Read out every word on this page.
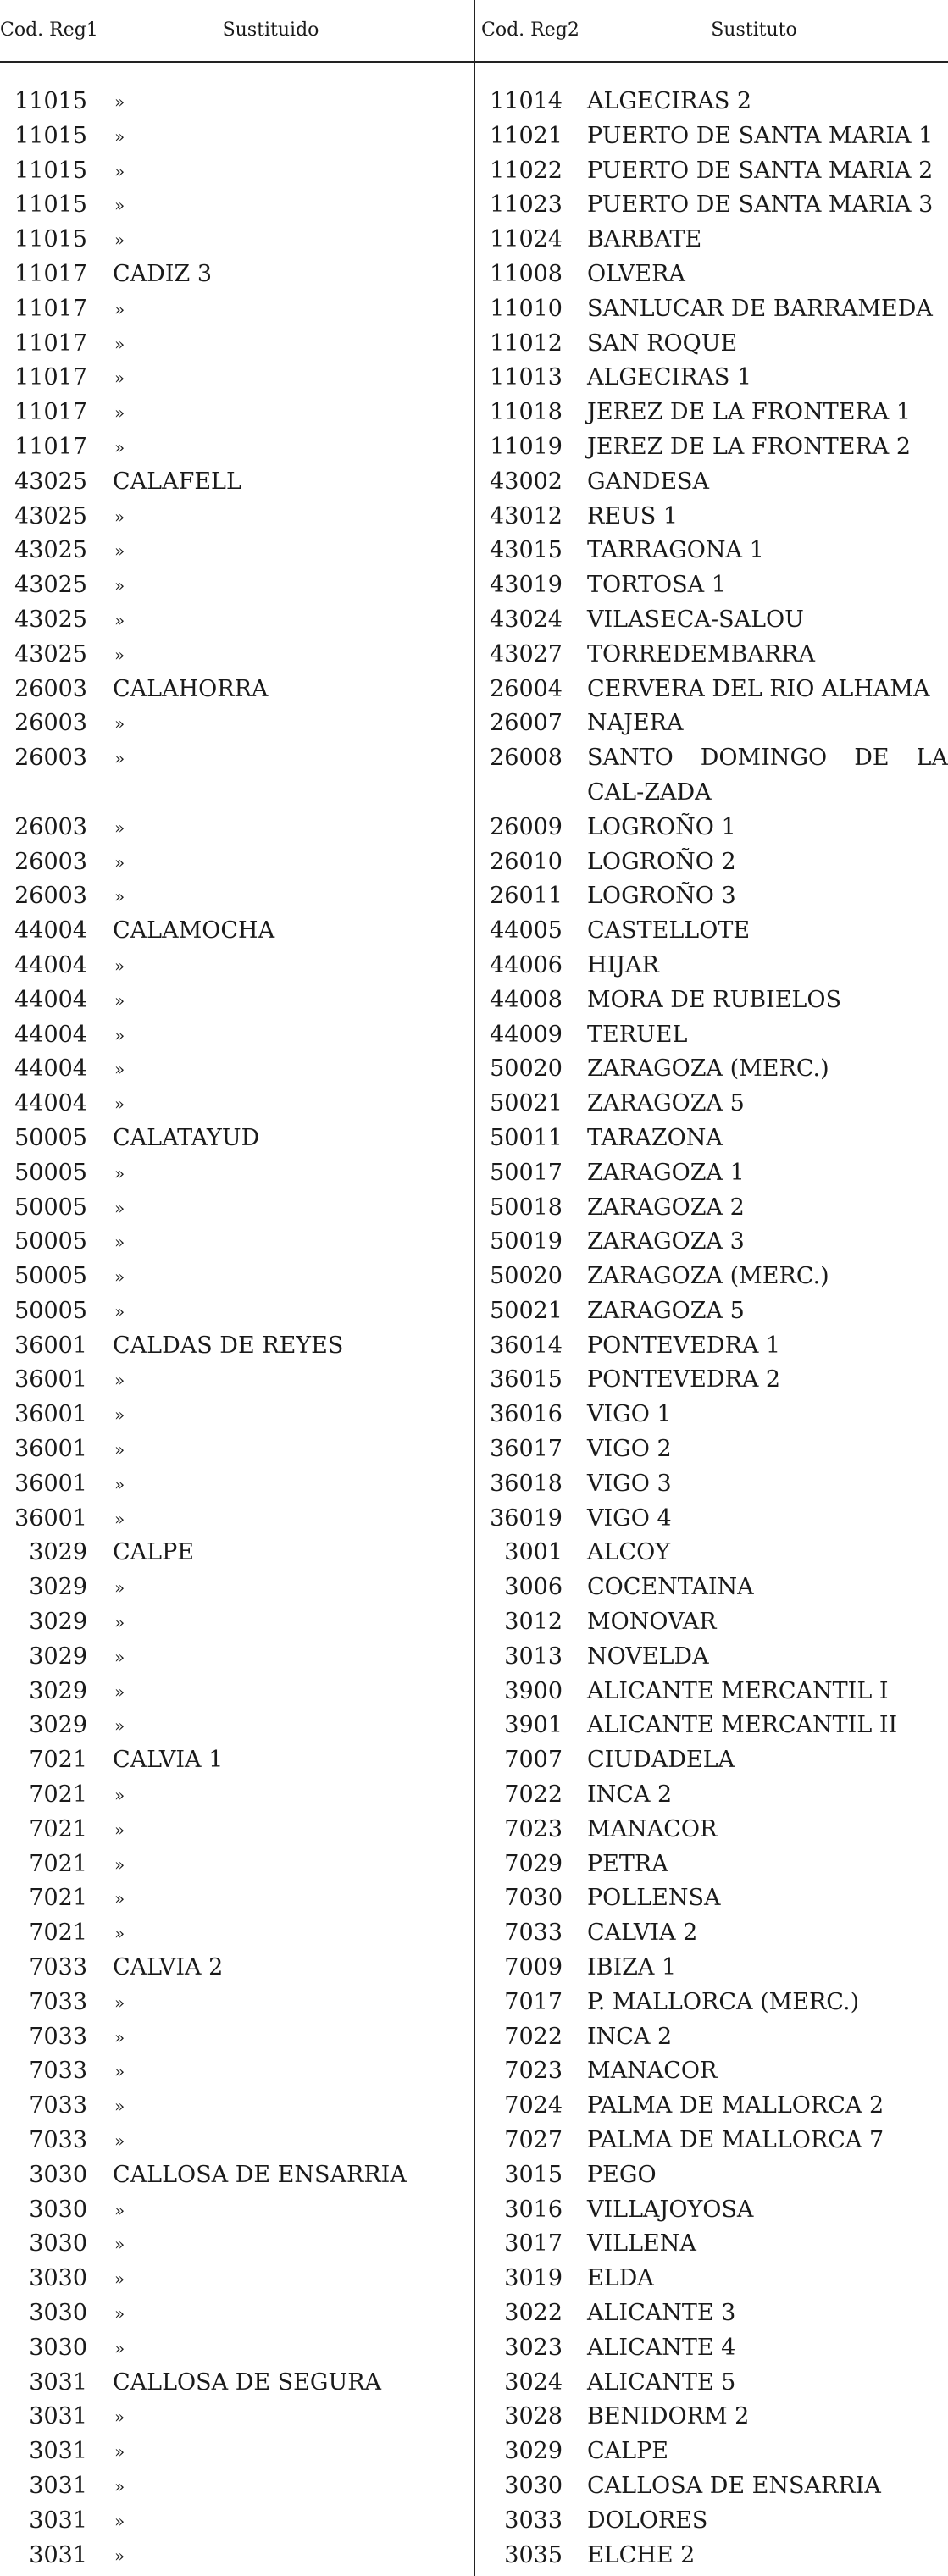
Cod. Reg1	Sustituido	Cod. Reg2	Sustituto
11015 »	11014 ALGECIRAS 2
11015 »	11021 PUERTO DE SANTA MARIA 1
11015 »	11022 PUERTO DE SANTA MARIA 2
11015 »	11023 PUERTO DE SANTA MARIA 3
11015 »	11024 BARBATE
11017 CADIZ 3	11008 OLVERA
11017 »	11010 SANLUCAR DE BARRAMEDA
11017 »	11012 SAN ROQUE
11017 »	11013 ALGECIRAS 1
11017 »	11018 JEREZ DE LA FRONTERA 1
11017 »	11019 JEREZ DE LA FRONTERA 2
43025 CALAFELL	43002 GANDESA
43025 »	43012 REUS 1
43025 »	43015 TARRAGONA 1
43025 »	43019 TORTOSA 1
43025 »	43024 VILASECA-SALOU
43025 »	43027 TORREDEMBARRA
26003 CALAHORRA	26004 CERVERA DEL RIO ALHAMA
26003 »	26007 NAJERA
26003 »	26008 SANTO DOMINGO DE LA CAL-ZADA
26003 »	26009 LOGROÑO 1
26003 »	26010 LOGROÑO 2
26003 »	26011 LOGROÑO 3
44004 CALAMOCHA	44005 CASTELLOTE
44004 »	44006 HIJAR
44004 »	44008 MORA DE RUBIELOS
44004 »	44009 TERUEL
44004 »	50020 ZARAGOZA (MERC.)
44004 »	50021 ZARAGOZA 5
50005 CALATAYUD	50011 TARAZONA
50005 »	50017 ZARAGOZA 1
50005 »	50018 ZARAGOZA 2
50005 »	50019 ZARAGOZA 3
50005 »	50020 ZARAGOZA (MERC.)
50005 »	50021 ZARAGOZA 5
36001 CALDAS DE REYES	36014 PONTEVEDRA 1
36001 »	36015 PONTEVEDRA 2
36001 »	36016 VIGO 1
36001 »	36017 VIGO 2
36001 »	36018 VIGO 3
36001 »	36019 VIGO 4
3029 CALPE	3001 ALCOY
3029 »	3006 COCENTAINA
3029 »	3012 MONOVAR
3029 »	3013 NOVELDA
3029 »	3900 ALICANTE MERCANTIL I
3029 »	3901 ALICANTE MERCANTIL II
7021 CALVIA 1	7007 CIUDADELA
7021 »	7022 INCA 2
7021 »	7023 MANACOR
7021 »	7029 PETRA
7021 »	7030 POLLENSA
7021 »	7033 CALVIA 2
7033 CALVIA 2	7009 IBIZA 1
7033 »	7017 P. MALLORCA (MERC.)
7033 »	7022 INCA 2
7033 »	7023 MANACOR
7033 »	7024 PALMA DE MALLORCA 2
7033 »	7027 PALMA DE MALLORCA 7
3030 CALLOSA DE ENSARRIA	3015 PEGO
3030 »	3016 VILLAJOYOSA
3030 »	3017 VILLENA
3030 »	3019 ELDA
3030 »	3022 ALICANTE 3
3030 »	3023 ALICANTE 4
3031 CALLOSA DE SEGURA	3024 ALICANTE 5
3031 »	3028 BENIDORM 2
3031 »	3029 CALPE
3031 »	3030 CALLOSA DE ENSARRIA
3031 »	3033 DOLORES
3031 »	3035 ELCHE 2
